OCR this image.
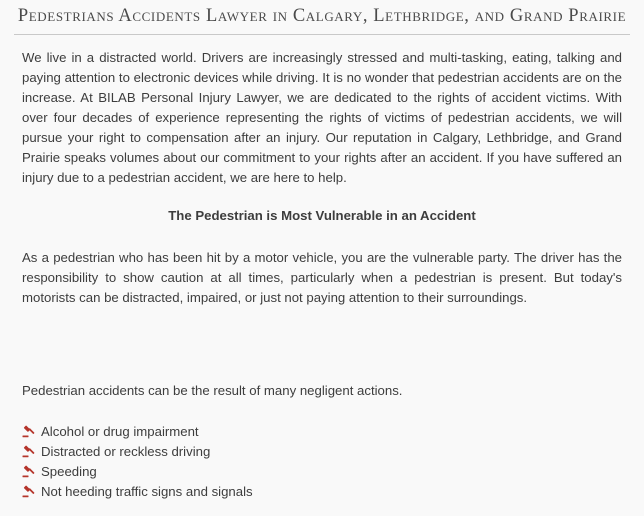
Pedestrians Accidents Lawyer in Calgary, Lethbridge, and Grand Prairie

We live in a distracted world. Drivers are increasingly stressed and multi-tasking, eating, talking and paying attention to electronic devices while driving. It is no wonder that pedestrian accidents are on the increase. At BILAB Personal Injury Lawyer, we are dedicated to the rights of accident victims. With over four decades of experience representing the rights of victims of pedestrian accidents, we will pursue your right to compensation after an injury. Our reputation in Calgary, Lethbridge, and Grand Prairie speaks volumes about our commitment to your rights after an accident. If you have suffered an injury due to a pedestrian accident, we are here to help.

The Pedestrian is Most Vulnerable in an Accident

As a pedestrian who has been hit by a motor vehicle, you are the vulnerable party. The driver has the responsibility to show caution at all times, particularly when a pedestrian is present. But today's motorists can be distracted, impaired, or just not paying attention to their surroundings.

Pedestrian accidents can be the result of many negligent actions.

Alcohol or drug impairment
Distracted or reckless driving
Speeding
Not heeding traffic signs and signals
